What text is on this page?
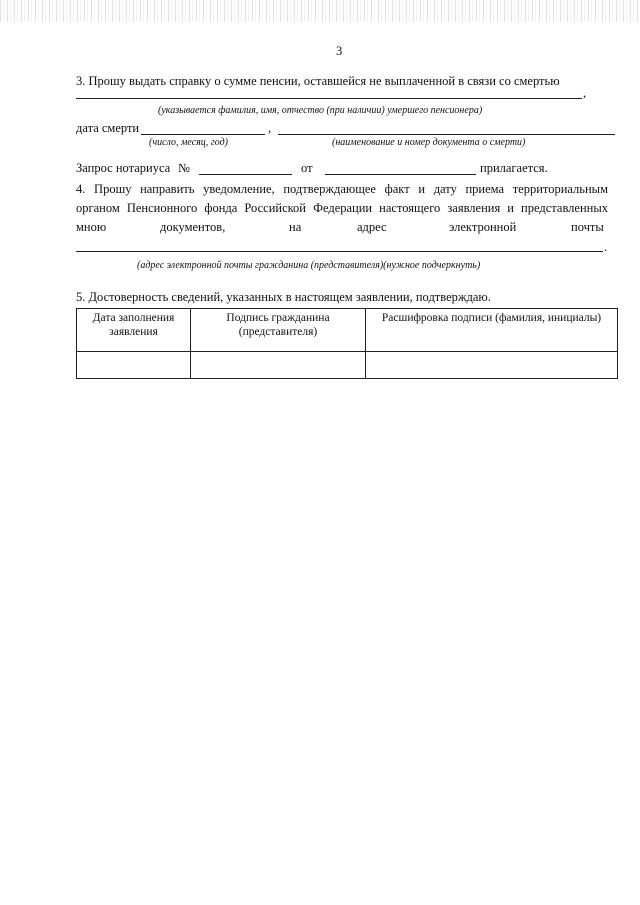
3
3. Прошу выдать справку о сумме пенсии, оставшейся не выплаченной в связи со смертью
,
(указывается фамилия, имя, отчество (при наличии) умершего пенсионера)
дата смерти	,
(число, месяц, год)	(наименование и номер документа о смерти)
Запрос нотариуса №	от	прилагается.
4. Прошу направить уведомление, подтверждающее факт и дату приема территориальным
органом Пенсионного фонда Российской Федерации настоящего заявления и представленных
мною	документов,	на	адрес	электронной	почты
.
(адрес электронной почты гражданина (представителя)(нужное подчеркнуть)
5. Достоверность сведений, указанных в настоящем заявлении, подтверждаю.
Дата заполнения заявления	Подпись гражданина (представителя)	Расшифровка подписи (фамилия, инициалы)
